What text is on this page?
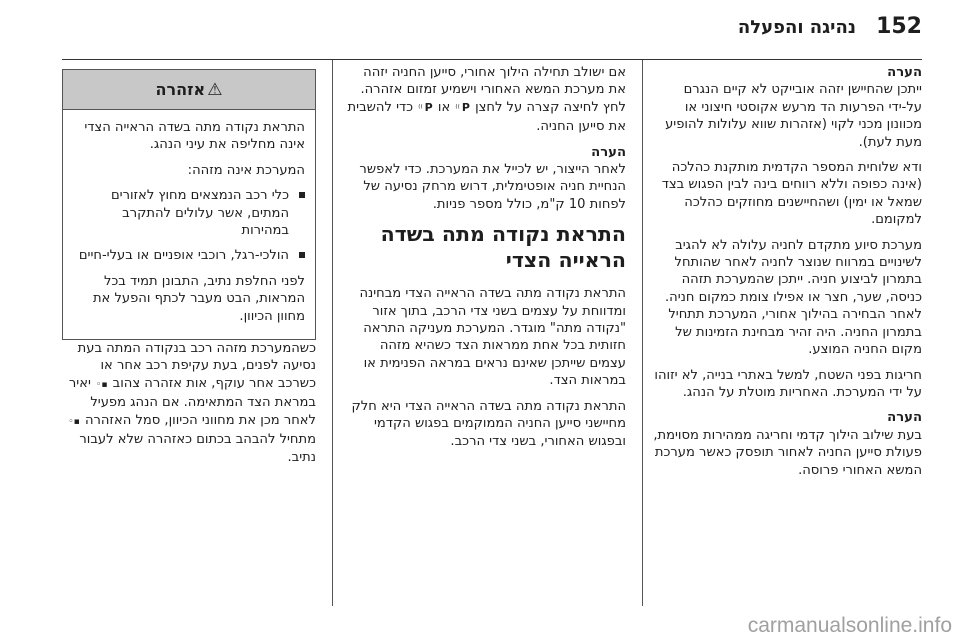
152
נהיגה והפעלה
הערה

ייתכן שהחיישן יזהה אובייקט לא קיים הנגרם על-ידי הפרעות הד מרעש אקוסטי חיצוני או מכוונון מכני לקוי (אזהרות שווא עלולות להופיע מעת לעת).

ודא שלוחית המספר הקדמית מותקנת כהלכה (אינה כפופה וללא רווחים בינה לבין הפגוש בצד שמאל או ימין) ושהחיישנים מחוזקים כהלכה למקומם.

מערכת סיוע מתקדם לחניה עלולה לא להגיב לשינויים במרווח שנוצר לחניה לאחר שהותחל בתמרון לביצוע חניה. ייתכן שהמערכת תזהה כניסה, שער, חצר או אפילו צומת כמקום חניה. לאחר הבחירה בהילוך אחורי, המערכת תתחיל בתמרון החניה. היה זהיר מבחינת הזמינות של מקום החניה המוצע.

חריגות בפני השטח, למשל באתרי בנייה, לא יזוהו על ידי המערכת. האחריות מוטלת על הנהג.

הערה

בעת שילוב הילוך קדמי וחריגה ממהירות מסוימת, פעולת סייען החניה לאחור תופסק כאשר מערכת המשא האחורי פרוסה.

אם ישולב תחילה הילוך אחורי, סייען החניה יזהה את מערכת המשא האחורי וישמיע זמזום אזהרה. לחץ לחיצה קצרה על לחצן P⁾⁾ או P⁾⁾ כדי להשבית את סייען החניה.

הערה

לאחר הייצור, יש לכייל את המערכת. כדי לאפשר הנחיית חניה אופטימלית, דרוש מרחק נסיעה של לפחות 10 ק"מ, כולל מספר פניות.

התראת נקודה מתה בשדה הראייה הצדי

התראת נקודה מתה בשדה הראייה הצדי מבחינה ומדווחת על עצמים בשני צדי הרכב, בתוך אזור "נקודה מתה" מוגדר. המערכת מעניקה התראה חזותית בכל אחת ממראות הצד כשהיא מזהה עצמים שייתכן שאינם נראים במראה הפנימית או במראות הצד.

התראת נקודה מתה בשדה הראייה הצדי היא חלק מחיישני סייען החניה הממוקמים בפגוש הקדמי ובפגוש האחורי, בשני צדי הרכב.

⚠אזהרה

התראת נקודה מתה בשדה הראייה הצדי אינה מחליפה את עיני הנהג.

המערכת אינה מזהה:

כלי רכב הנמצאים מחוץ לאזורים המתים, אשר עלולים להתקרב במהירות
הולכי-רגל, רוכבי אופניים או בעלי-חיים

לפני החלפת נתיב, התבונן תמיד בכל המראות, הבט מעבר לכתף והפעל את מחוון הכיוון.

כשהמערכת מזהה רכב בנקודה המתה בעת נסיעה לפנים, בעת עקיפת רכב אחר או כשרכב אחר עוקף, אות אזהרה צהוב ▪︎◦ יאיר במראת הצד המתאימה. אם הנהג מפעיל לאחר מכן את מחווני הכיוון, סמל האזהרה ▪︎◦ מתחיל להבהב בכתום כאזהרה שלא לעבור נתיב.

carmanualsonline.info
